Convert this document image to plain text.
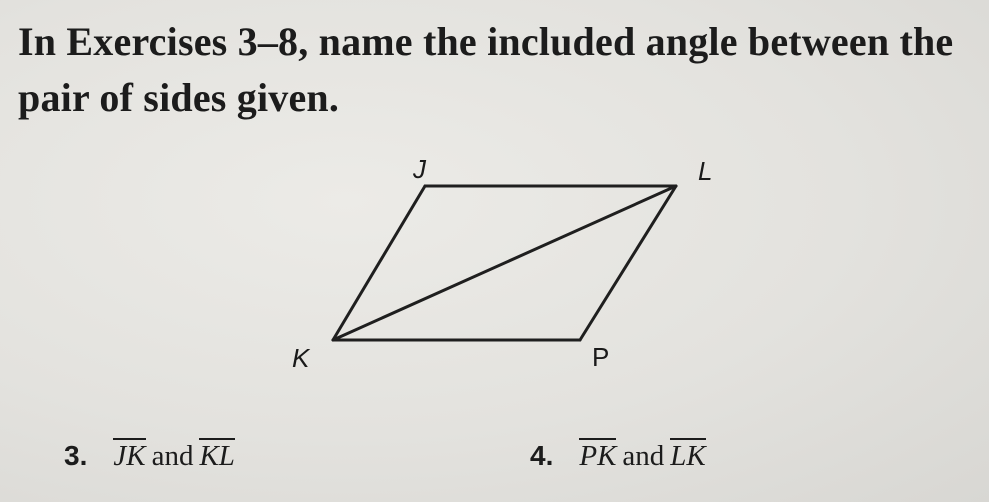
In Exercises 3–8, name the included angle between the pair of sides given.

J	L
K	P
3. JK and KL	4. PK and LK
